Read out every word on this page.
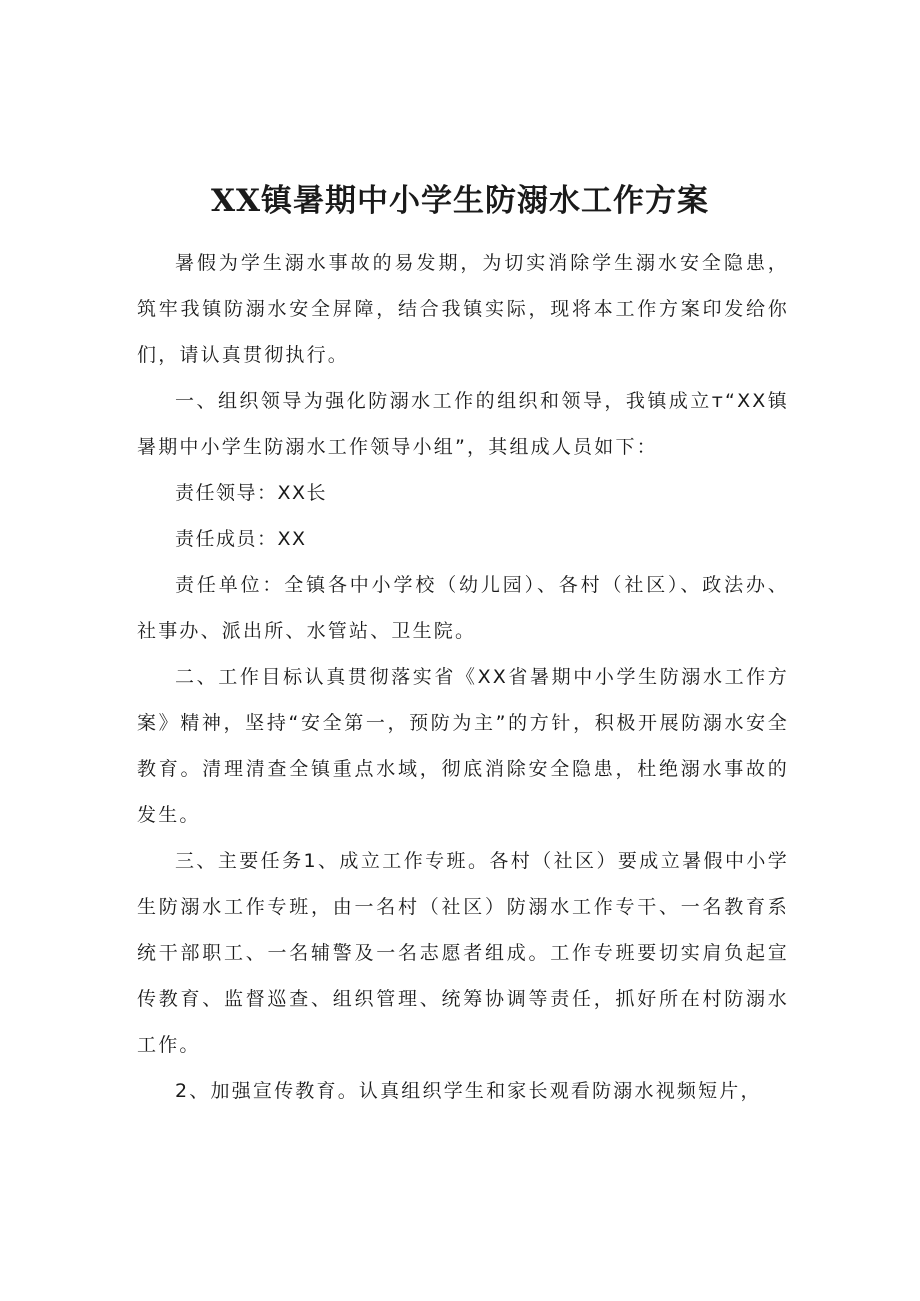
XX镇暑期中小学生防溺水工作方案

暑假为学生溺水事故的易发期，为切实消除学生溺水安全隐患，筑牢我镇防溺水安全屏障，结合我镇实际，现将本工作方案印发给你们，请认真贯彻执行。

一、组织领导为强化防溺水工作的组织和领导，我镇成立т“XX镇暑期中小学生防溺水工作领导小组”，其组成人员如下：

责任领导：XX长

责任成员：XX

责任单位：全镇各中小学校（幼儿园）、各村（社区）、政法办、社事办、派出所、水管站、卫生院。

二、工作目标认真贯彻落实省《XX省暑期中小学生防溺水工作方案》精神，坚持“安全第一，预防为主”的方针，积极开展防溺水安全教育。清理清查全镇重点水域，彻底消除安全隐患，杜绝溺水事故的发生。

三、主要任务1、成立工作专班。各村（社区）要成立暑假中小学生防溺水工作专班，由一名村（社区）防溺水工作专干、一名教育系统干部职工、一名辅警及一名志愿者组成。工作专班要切实肩负起宣传教育、监督巡查、组织管理、统筹协调等责任，抓好所在村防溺水工作。

2、加强宣传教育。认真组织学生和家长观看防溺水视频短片，
